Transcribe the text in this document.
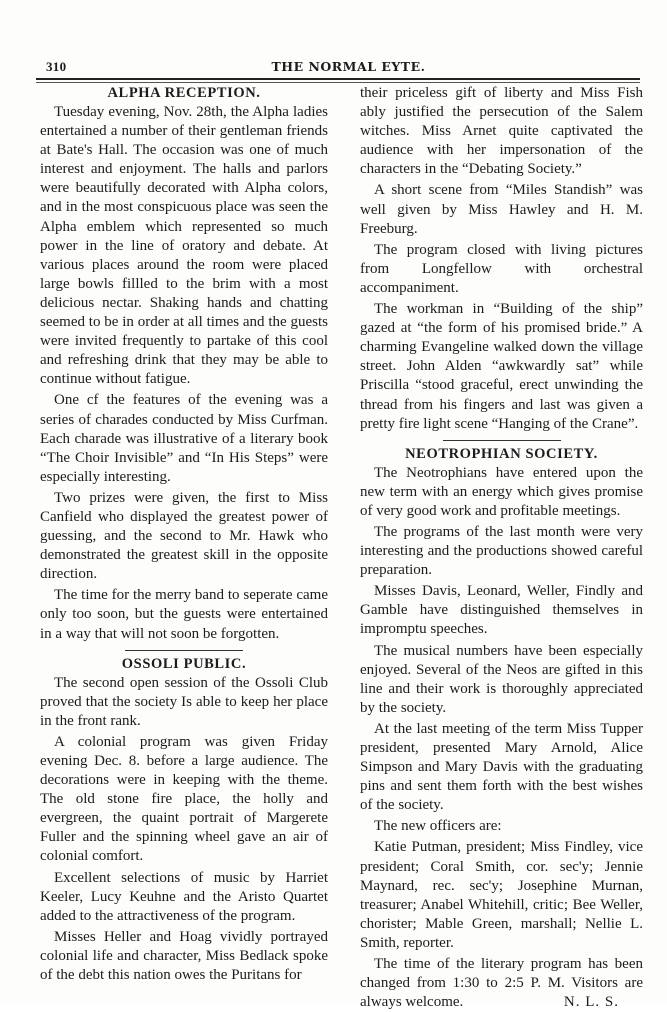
310	THE NORMAL EYTE.
ALPHA RECEPTION.

Tuesday evening, Nov. 28th, the Alpha ladies entertained a number of their gentleman friends at Bate's Hall. The occasion was one of much interest and enjoyment. The halls and parlors were beautifully decorated with Alpha colors, and in the most conspicuous place was seen the Alpha emblem which represented so much power in the line of oratory and debate. At various places around the room were placed large bowls fillled to the brim with a most delicious nectar. Shaking hands and chatting seemed to be in order at all times and the guests were invited frequently to partake of this cool and refreshing drink that they may be able to continue without fatigue.

One cf the features of the evening was a series of charades conducted by Miss Curfman. Each charade was illustrative of a literary book “The Choir Invisible” and “In His Steps” were especially interesting.

Two prizes were given, the first to Miss Canfield who displayed the greatest power of guessing, and the second to Mr. Hawk who demonstrated the greatest skill in the opposite direction.

The time for the merry band to seperate came only too soon, but the guests were entertained in a way that will not soon be forgotten.

OSSOLI PUBLIC.

The second open session of the Ossoli Club proved that the society Is able to keep her place in the front rank.

A colonial program was given Friday evening Dec. 8. before a large audience. The decorations were in keeping with the theme. The old stone fire place, the holly and evergreen, the quaint portrait of Margerete Fuller and the spinning wheel gave an air of colonial comfort.

Excellent selections of music by Harriet Keeler, Lucy Keuhne and the Aristo Quartet added to the attractiveness of the program.

Misses Heller and Hoag vividly portrayed colonial life and character, Miss Bedlack spoke of the debt this nation owes the Puritans for

their priceless gift of liberty and Miss Fish ably justified the persecution of the Salem witches. Miss Arnet quite captivated the audience with her impersonation of the characters in the “Debating Society.”

A short scene from “Miles Standish” was well given by Miss Hawley and H. M. Freeburg.

The program closed with living pictures from Longfellow with orchestral accompaniment.

The workman in “Building of the ship” gazed at “the form of his promised bride.” A charming Evangeline walked down the village street. John Alden “awkwardly sat” while Priscilla “stood graceful, erect unwinding the thread from his fingers and last was given a pretty fire light scene “Hanging of the Crane”.

NEOTROPHIAN SOCIETY.

The Neotrophians have entered upon the new term with an energy which gives promise of very good work and profitable meetings.

The programs of the last month were very interesting and the productions showed careful preparation.

Misses Davis, Leonard, Weller, Findly and Gamble have distinguished themselves in impromptu speeches.

The musical numbers have been especially enjoyed. Several of the Neos are gifted in this line and their work is thoroughly appreciated by the society.

At the last meeting of the term Miss Tupper president, presented Mary Arnold, Alice Simpson and Mary Davis with the graduating pins and sent them forth with the best wishes of the society.

The new officers are:

Katie Putman, president; Miss Findley, vice president; Coral Smith, cor. sec'y; Jennie Maynard, rec. sec'y; Josephine Murnan, treasurer; Anabel Whitehill, critic; Bee Weller, chorister; Mable Green, marshall; Nellie L. Smith, reporter.

The time of the literary program has been changed from 1:30 to 2:5 P. M. Visitors are always welcome.	N. L. S.
